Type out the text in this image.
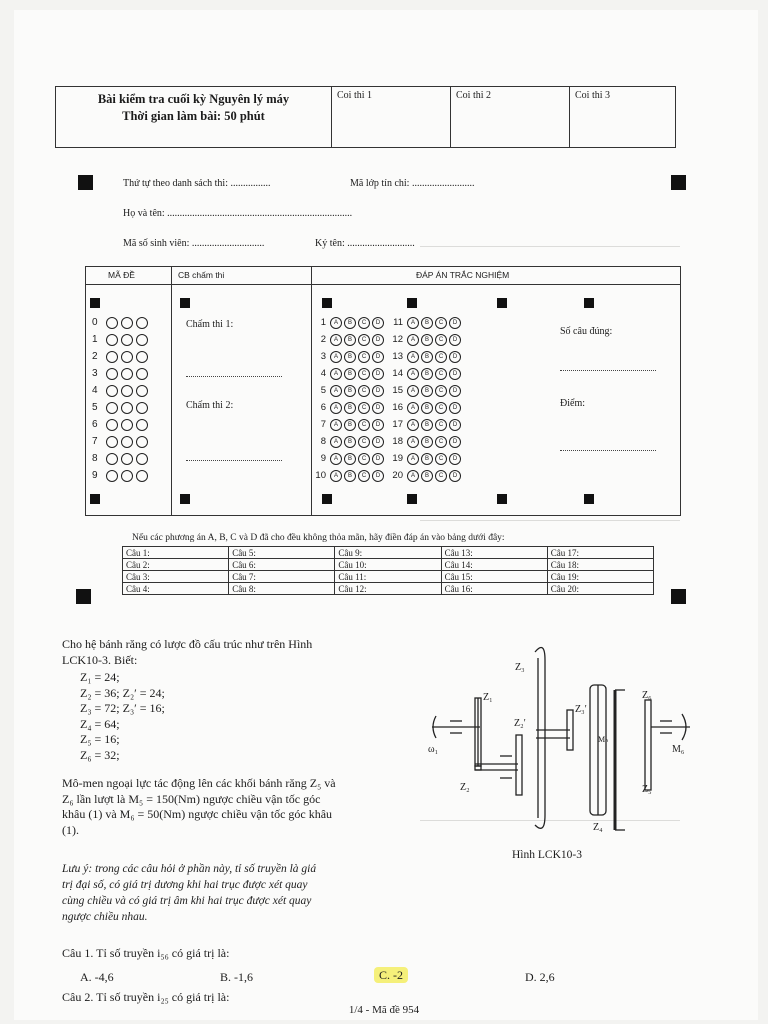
Bài kiểm tra cuối kỳ Nguyên lý máy
Thời gian làm bài: 50 phút
Coi thi 1	Coi thi 2	Coi thi 3
Thứ tự theo danh sách thi: ................	Mã lớp tín chỉ: .........................
Họ và tên: ..........................................................................
Mã số sinh viên: .............................	Ký tên: ...........................
MÃ ĐỀ	CB chấm thi	ĐÁP ÁN TRẮC NGHIỆM
0
1
2
3
4
5
6
7
8
9
Chấm thi 1:
Chấm thi 2:
1	A	B	C	D
2	A	B	C	D
3	A	B	C	D
4	A	B	C	D
5	A	B	C	D
6	A	B	C	D
7	A	B	C	D
8	A	B	C	D
9	A	B	C	D
10	A	B	C	D
11	A	B	C	D
12	A	B	C	D
13	A	B	C	D
14	A	B	C	D
15	A	B	C	D
16	A	B	C	D
17	A	B	C	D
18	A	B	C	D
19	A	B	C	D
20	A	B	C	D
Số câu đúng:
Điểm:
Nếu các phương án A, B, C và D đã cho đều không thỏa mãn, hãy điền đáp án vào bảng dưới đây:
Câu 1:	Câu 5:	Câu 9:	Câu 13:	Câu 17:
Câu 2:	Câu 6:	Câu 10:	Câu 14:	Câu 18:
Câu 3:	Câu 7:	Câu 11:	Câu 15:	Câu 19:
Câu 4:	Câu 8:	Câu 12:	Câu 16:	Câu 20:
Cho hệ bánh răng có lược đồ cấu trúc như trên Hình
LCK10-3. Biết:
Z₁ = 24;
Z₂ = 36; Z₂′ = 24;
Z₃ = 72; Z₃′ = 16;
Z₄ = 64;
Z₅ = 16;
Z₆ = 32;
Mô-men ngoại lực tác động lên các khối bánh răng Z₅ và
Z₆ lần lượt là M₅ = 150(Nm) ngược chiều vận tốc góc
khâu (1) và M₆ = 50(Nm) ngược chiều vận tốc góc khâu
(1).
Lưu ý: trong các câu hỏi ở phần này, tỉ số truyền là giá
trị đại số, có giá trị dương khi hai trục được xét quay
cùng chiều và có giá trị âm khi hai trục được xét quay
ngược chiều nhau.
Z₁
Z₂
Z₂′
Z₃
Z₃′
Z₄
Z₅
Z₆
ω₁
Mₕ
M₆
Hình LCK10-3
Câu 1. Tỉ số truyền i₅₆ có giá trị là:
A. -4,6	B. -1,6	C. -2	D. 2,6
Câu 2. Tỉ số truyền i₂₅ có giá trị là:
1/4 - Mã đề 954
